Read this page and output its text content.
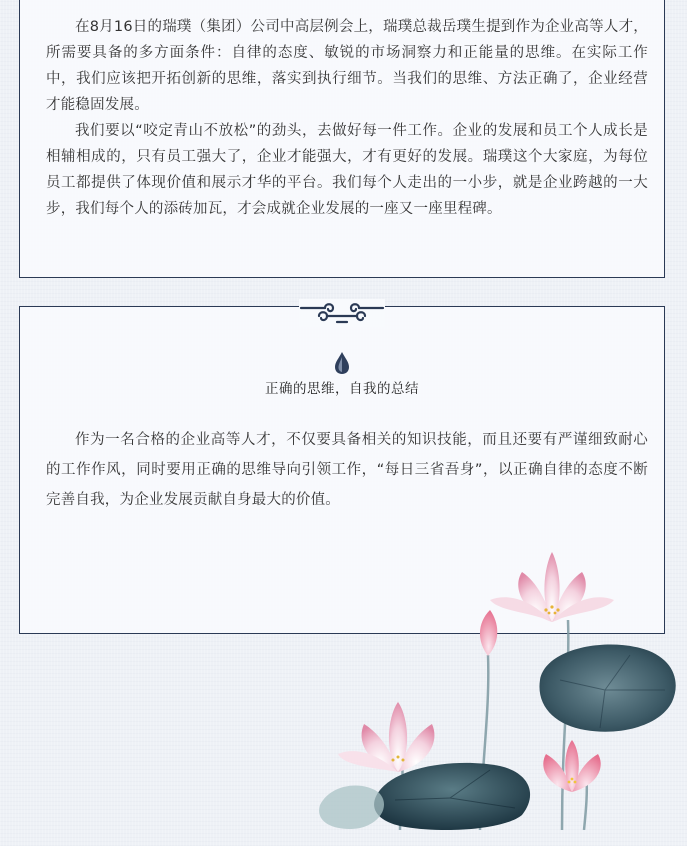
在8月16日的瑞璞（集团）公司中高层例会上，瑞璞总裁岳璞生提到作为企业高等人才，所需要具备的多方面条件：自律的态度、敏锐的市场洞察力和正能量的思维。在实际工作中，我们应该把开拓创新的思维，落实到执行细节。当我们的思维、方法正确了，企业经营才能稳固发展。

我们要以“咬定青山不放松”的劲头，去做好每一件工作。企业的发展和员工个人成长是相辅相成的，只有员工强大了，企业才能强大，才有更好的发展。瑞璞这个大家庭，为每位员工都提供了体现价值和展示才华的平台。我们每个人走出的一小步，就是企业跨越的一大步，我们每个人的添砖加瓦，才会成就企业发展的一座又一座里程碑。

正确的思维，自我的总结

作为一名合格的企业高等人才，不仅要具备相关的知识技能，而且还要有严谨细致耐心的工作作风，同时要用正确的思维导向引领工作，“每日三省吾身”，以正确自律的态度不断完善自我，为企业发展贡献自身最大的价值。
